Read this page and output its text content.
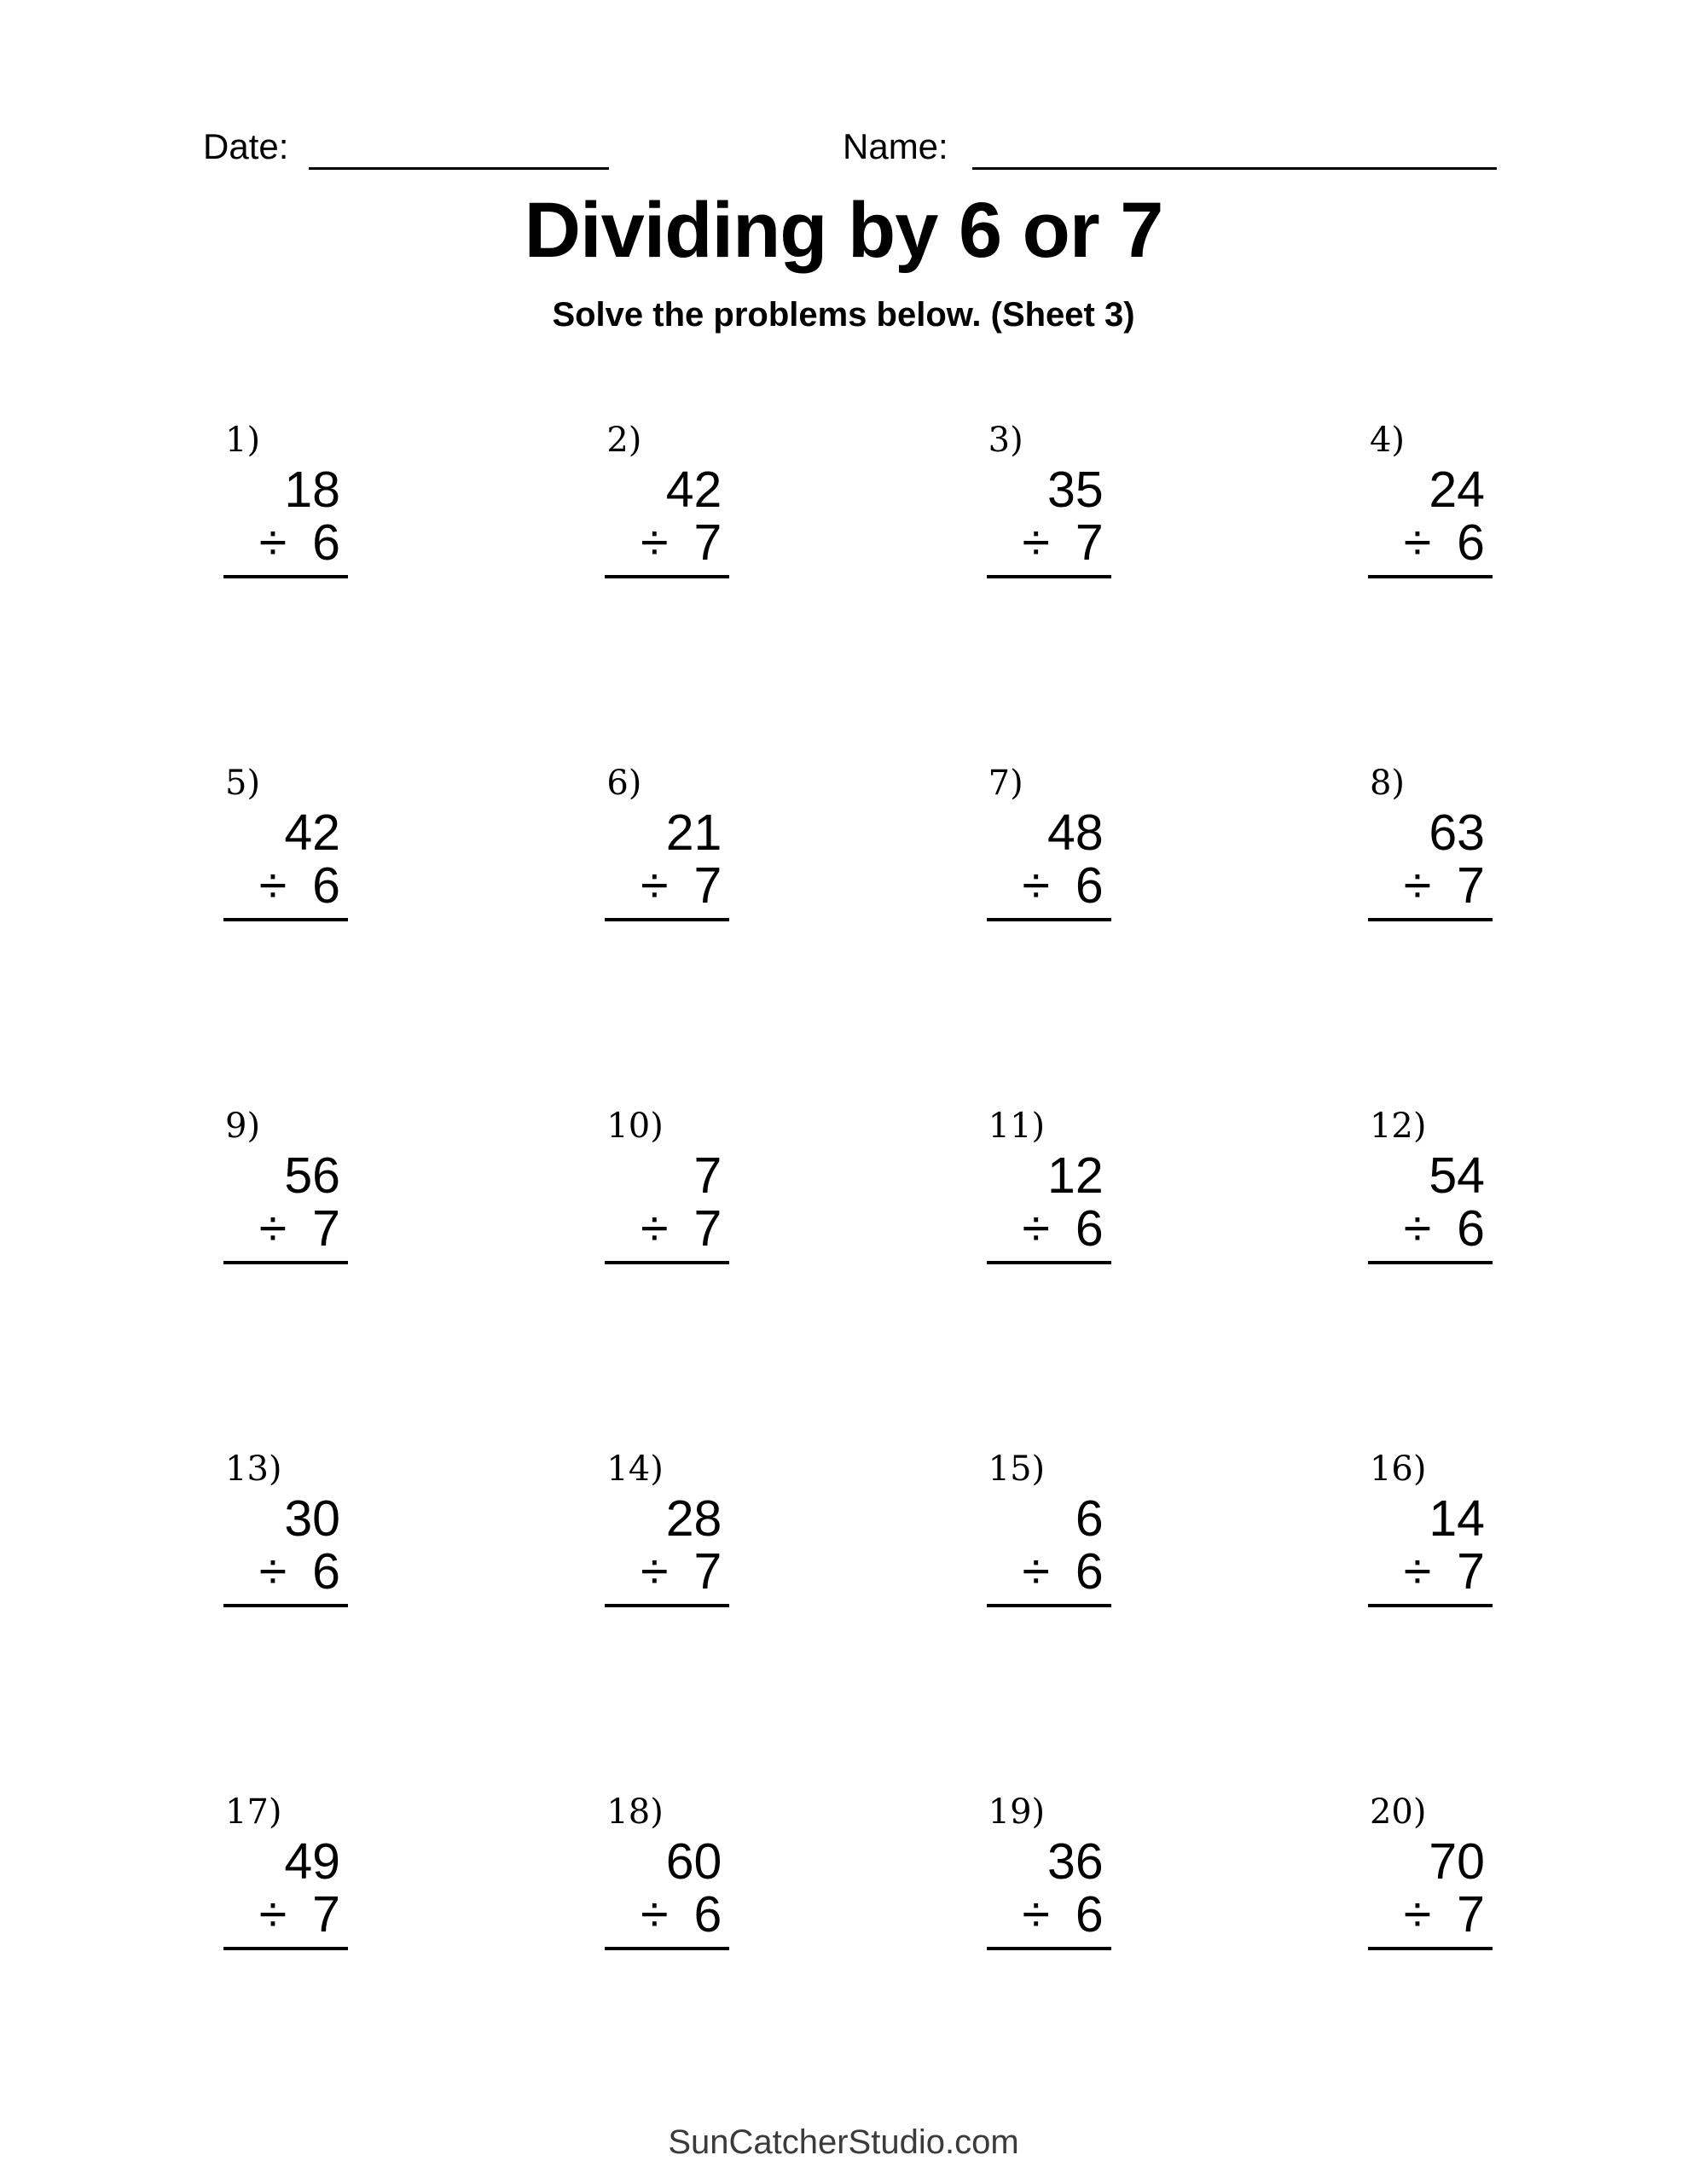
Date:	Name:
Dividing by 6 or 7
Solve the problems below. (Sheet 3)
1)
18
÷ 6
2)
42
÷ 7
3)
35
÷ 7
4)
24
÷ 6
5)
42
÷ 6
6)
21
÷ 7
7)
48
÷ 6
8)
63
÷ 7
9)
56
÷ 7
10)
7
÷ 7
11)
12
÷ 6
12)
54
÷ 6
13)
30
÷ 6
14)
28
÷ 7
15)
6
÷ 6
16)
14
÷ 7
17)
49
÷ 7
18)
60
÷ 6
19)
36
÷ 6
20)
70
÷ 7
SunCatcherStudio.com
